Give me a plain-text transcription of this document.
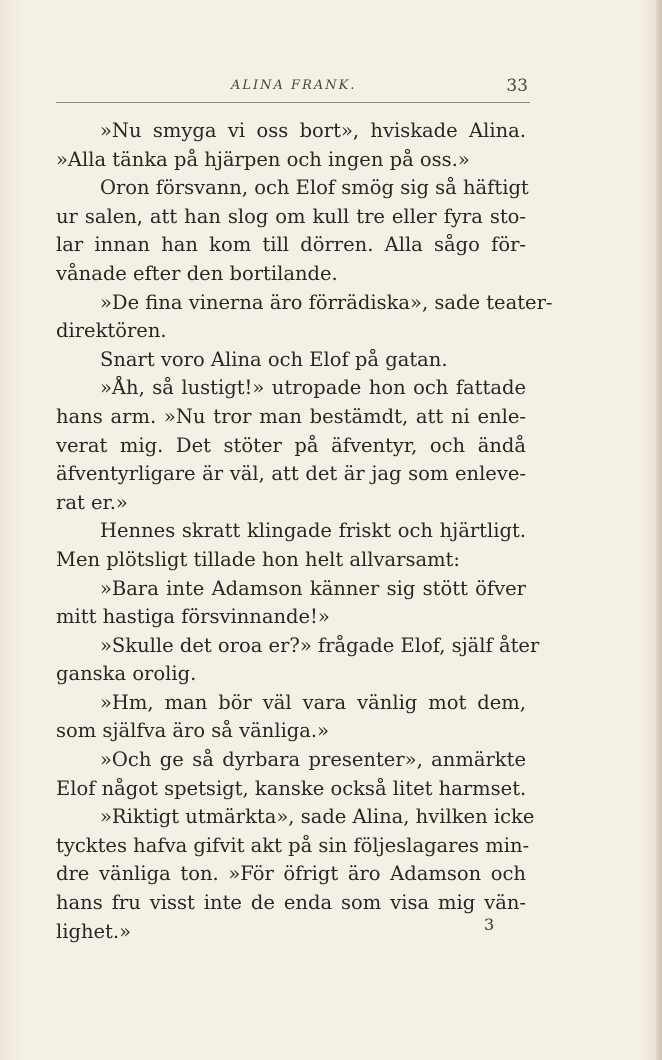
ALINA FRANK.	33
»Nu smyga vi oss bort», hviskade Alina.
»Alla tänka på hjärpen och ingen på oss.»
Oron försvann, och Elof smög sig så häftigt
ur salen, att han slog om kull tre eller fyra sto-
lar innan han kom till dörren. Alla sågo för-
vånade efter den bortilande.
»De fina vinerna äro förrädiska», sade teater-
direktören.
Snart voro Alina och Elof på gatan.
»Åh, så lustigt!» utropade hon och fattade
hans arm. »Nu tror man bestämdt, att ni enle-
verat mig. Det stöter på äfventyr, och ändå
äfventyrligare är väl, att det är jag som enleve-
rat er.»
Hennes skratt klingade friskt och hjärtligt.
Men plötsligt tillade hon helt allvarsamt:
»Bara inte Adamson känner sig stött öfver
mitt hastiga försvinnande!»
»Skulle det oroa er?» frågade Elof, själf åter
ganska orolig.
»Hm, man bör väl vara vänlig mot dem,
som själfva äro så vänliga.»
»Och ge så dyrbara presenter», anmärkte
Elof något spetsigt, kanske också litet harmset.
»Riktigt utmärkta», sade Alina, hvilken icke
tycktes hafva gifvit akt på sin följeslagares min-
dre vänliga ton. »För öfrigt äro Adamson och
hans fru visst inte de enda som visa mig vän-
lighet.»	3
